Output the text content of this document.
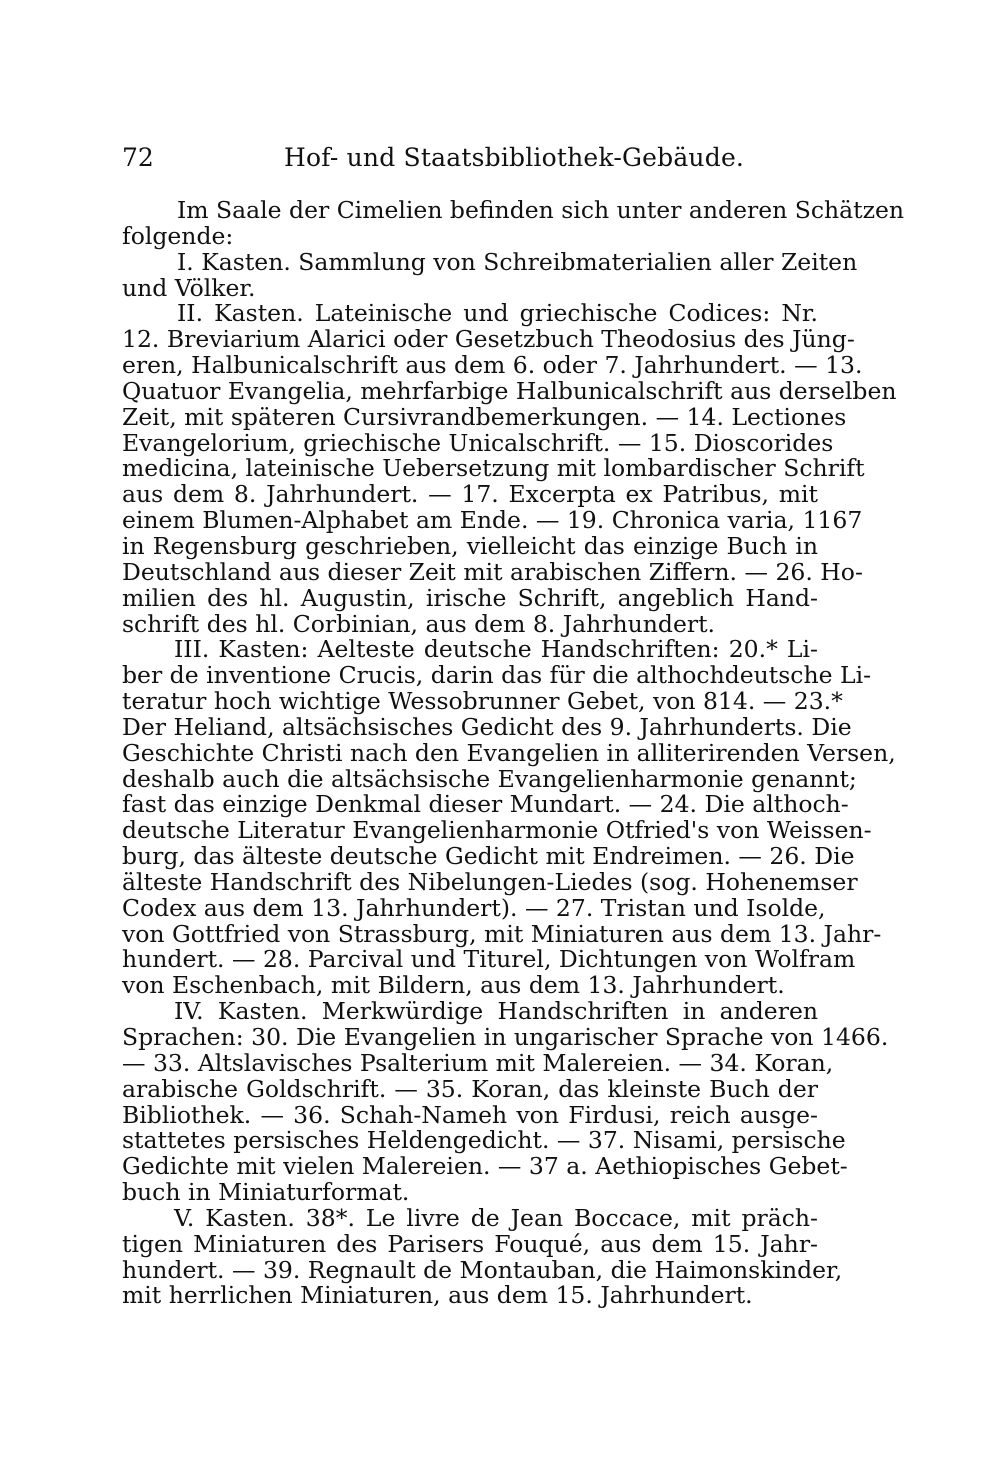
72	Hof- und Staatsbibliothek-Gebäude.
Im Saale der Cimelien befinden sich unter anderen Schätzen
folgende:
I. Kasten. Sammlung von Schreibmaterialien aller Zeiten
und Völker.
II. Kasten. Lateinische und griechische Codices: Nr.
12. Breviarium Alarici oder Gesetzbuch Theodosius des Jüng-
eren, Halbunicalschrift aus dem 6. oder 7. Jahrhundert. — 13.
Quatuor Evangelia, mehrfarbige Halbunicalschrift aus derselben
Zeit, mit späteren Cursivrandbemerkungen. — 14. Lectiones
Evangelorium, griechische Unicalschrift. — 15. Dioscorides
medicina, lateinische Uebersetzung mit lombardischer Schrift
aus dem 8. Jahrhundert. — 17. Excerpta ex Patribus, mit
einem Blumen-Alphabet am Ende. — 19. Chronica varia, 1167
in Regensburg geschrieben, vielleicht das einzige Buch in
Deutschland aus dieser Zeit mit arabischen Ziffern. — 26. Ho-
milien des hl. Augustin, irische Schrift, angeblich Hand-
schrift des hl. Corbinian, aus dem 8. Jahrhundert.
III. Kasten: Aelteste deutsche Handschriften: 20.* Li-
ber de inventione Crucis, darin das für die althochdeutsche Li-
teratur hoch wichtige Wessobrunner Gebet, von 814. — 23.*
Der Heliand, altsächsisches Gedicht des 9. Jahrhunderts. Die
Geschichte Christi nach den Evangelien in alliterirenden Versen,
deshalb auch die altsächsische Evangelienharmonie genannt;
fast das einzige Denkmal dieser Mundart. — 24. Die althoch-
deutsche Literatur Evangelienharmonie Otfried's von Weissen-
burg, das älteste deutsche Gedicht mit Endreimen. — 26. Die
älteste Handschrift des Nibelungen-Liedes (sog. Hohenemser
Codex aus dem 13. Jahrhundert). — 27. Tristan und Isolde,
von Gottfried von Strassburg, mit Miniaturen aus dem 13. Jahr-
hundert. — 28. Parcival und Titurel, Dichtungen von Wolfram
von Eschenbach, mit Bildern, aus dem 13. Jahrhundert.
IV. Kasten. Merkwürdige Handschriften in anderen
Sprachen: 30. Die Evangelien in ungarischer Sprache von 1466.
— 33. Altslavisches Psalterium mit Malereien. — 34. Koran,
arabische Goldschrift. — 35. Koran, das kleinste Buch der
Bibliothek. — 36. Schah-Nameh von Firdusi, reich ausge-
stattetes persisches Heldengedicht. — 37. Nisami, persische
Gedichte mit vielen Malereien. — 37 a. Aethiopisches Gebet-
buch in Miniaturformat.
V. Kasten. 38*. Le livre de Jean Boccace, mit präch-
tigen Miniaturen des Parisers Fouqué, aus dem 15. Jahr-
hundert. — 39. Regnault de Montauban, die Haimonskinder,
mit herrlichen Miniaturen, aus dem 15. Jahrhundert.
